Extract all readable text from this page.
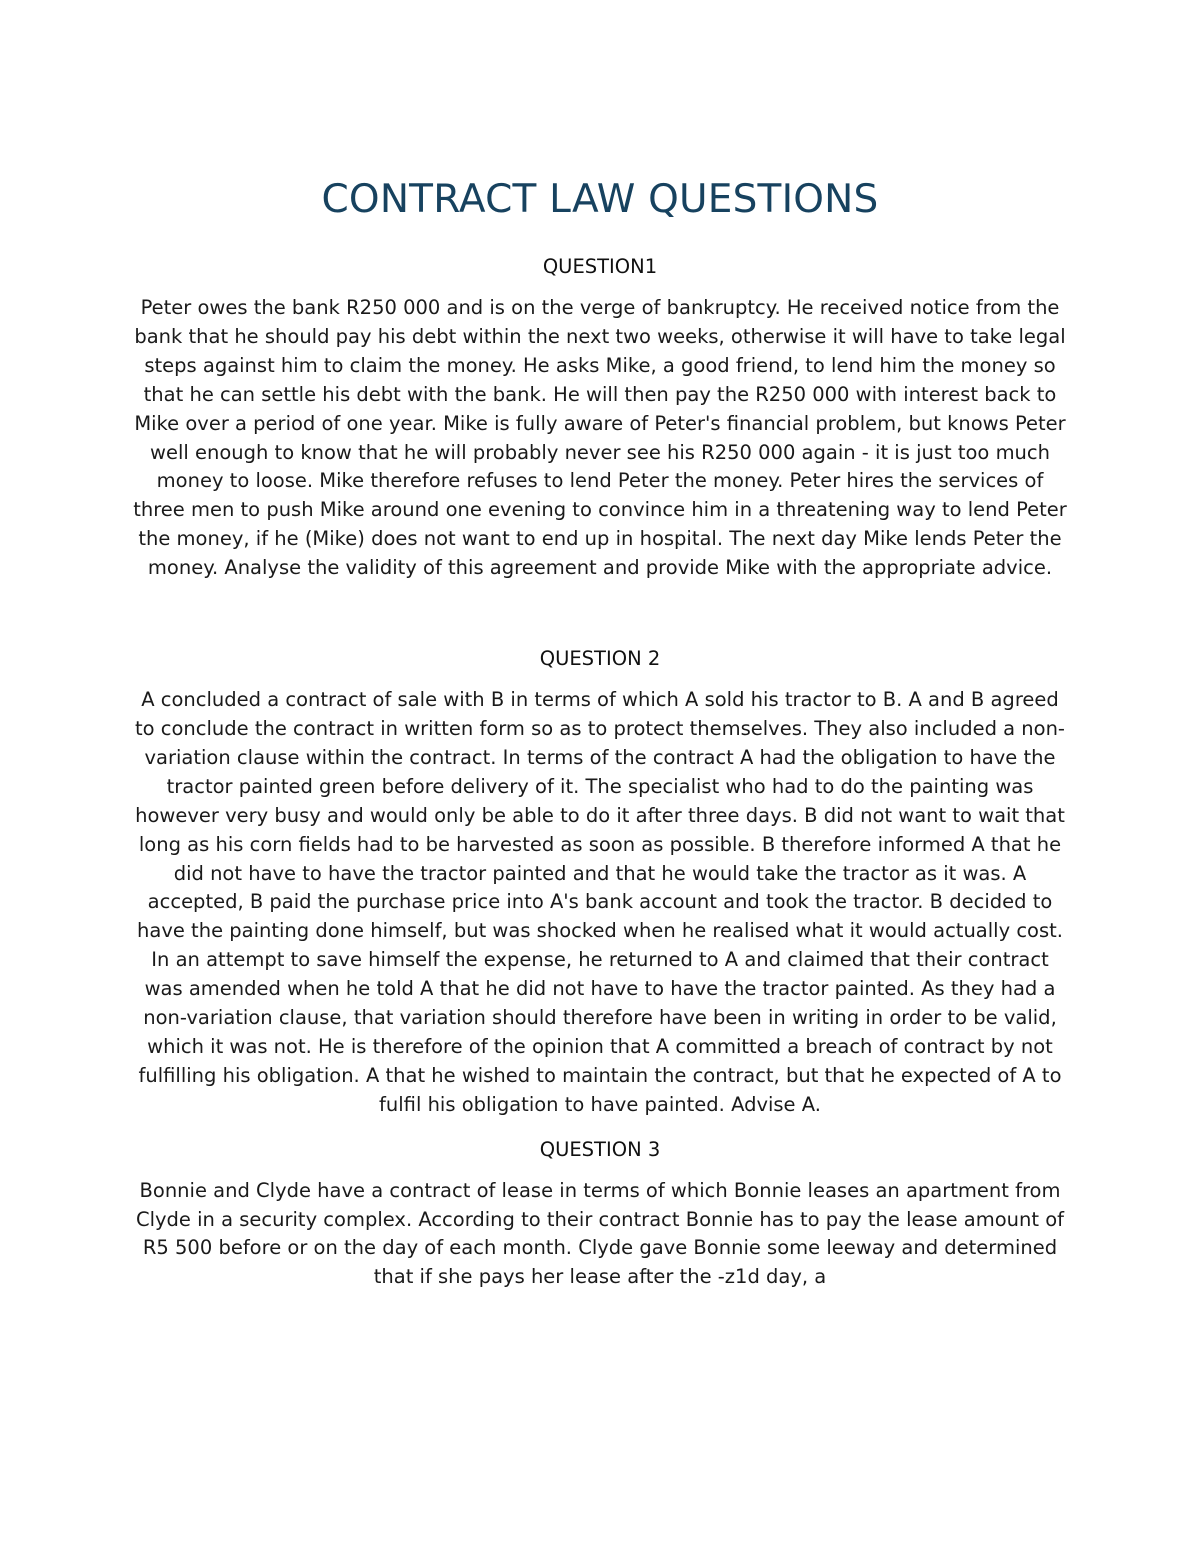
CONTRACT LAW QUESTIONS
QUESTION1

Peter owes the bank R250 000 and is on the verge of bankruptcy. He received notice from the bank that he should pay his debt within the next two weeks, otherwise it will have to take legal steps against him to claim the money. He asks Mike, a good friend, to lend him the money so that he can settle his debt with the bank. He will then pay the R250 000 with interest back to Mike over a period of one year. Mike is fully aware of Peter's financial problem, but knows Peter well enough to know that he will probably never see his R250 000 again - it is just too much money to loose. Mike therefore refuses to lend Peter the money. Peter hires the services of three men to push Mike around one evening to convince him in a threatening way to lend Peter the money, if he (Mike) does not want to end up in hospital. The next day Mike lends Peter the money. Analyse the validity of this agreement and provide Mike with the appropriate advice.

QUESTION 2

A concluded a contract of sale with B in terms of which A sold his tractor to B. A and B agreed to conclude the contract in written form so as to protect themselves. They also included a non-variation clause within the contract. In terms of the contract A had the obligation to have the tractor painted green before delivery of it. The specialist who had to do the painting was however very busy and would only be able to do it after three days. B did not want to wait that long as his corn fields had to be harvested as soon as possible. B therefore informed A that he did not have to have the tractor painted and that he would take the tractor as it was. A accepted, B paid the purchase price into A's bank account and took the tractor. B decided to have the painting done himself, but was shocked when he realised what it would actually cost. In an attempt to save himself the expense, he returned to A and claimed that their contract was amended when he told A that he did not have to have the tractor painted. As they had a non-variation clause, that variation should therefore have been in writing in order to be valid, which it was not. He is therefore of the opinion that A committed a breach of contract by not fulfilling his obligation. A that he wished to maintain the contract, but that he expected of A to fulfil his obligation to have painted. Advise A.

QUESTION 3

Bonnie and Clyde have a contract of lease in terms of which Bonnie leases an apartment from Clyde in a security complex. According to their contract Bonnie has to pay the lease amount of R5 500 before or on the day of each month. Clyde gave Bonnie some leeway and determined that if she pays her lease after the -z1d day, a
